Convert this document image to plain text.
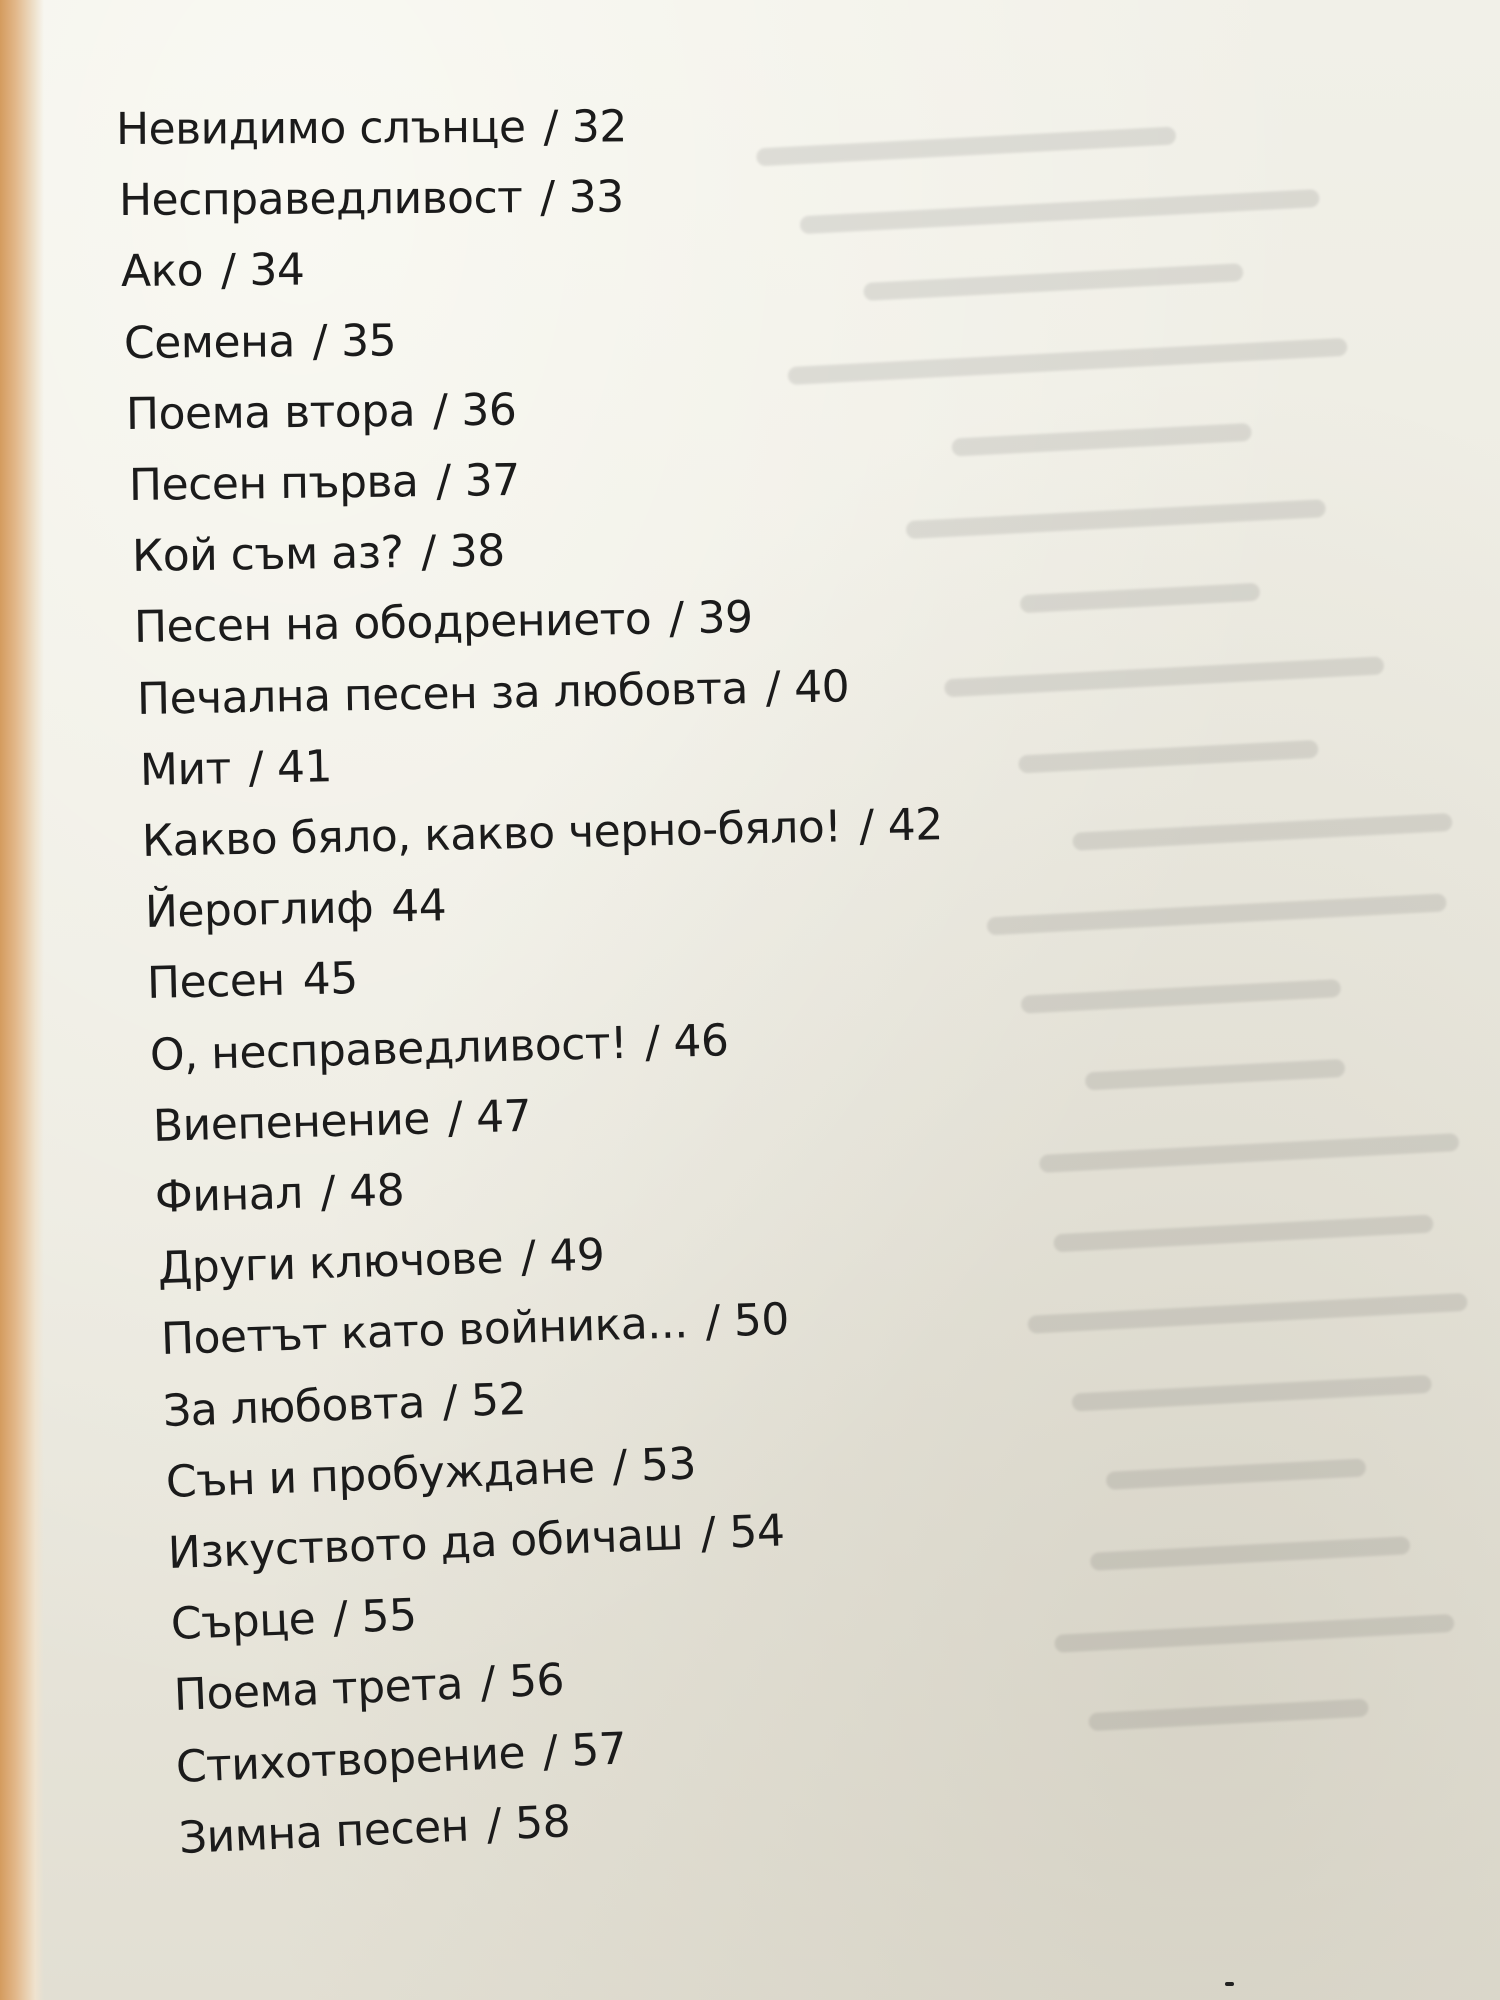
Невидимо слънце / 32
Несправедливост / 33
Ако / 34
Семена / 35
Поема втора / 36
Песен първа / 37
Кой съм аз? / 38
Песен на ободрението / 39
Печална песен за любовта / 40
Мит / 41
Какво бяло, какво черно-бяло! / 42
Йероглиф 44
Песен 45
О, несправедливост! / 46
Виепенение / 47
Финал / 48
Други ключове / 49
Поетът като войника... / 50
За любовта / 52
Сън и пробуждане / 53
Изкуството да обичаш / 54
Сърце / 55
Поема трета / 56
Стихотворение / 57
Зимна песен / 58
